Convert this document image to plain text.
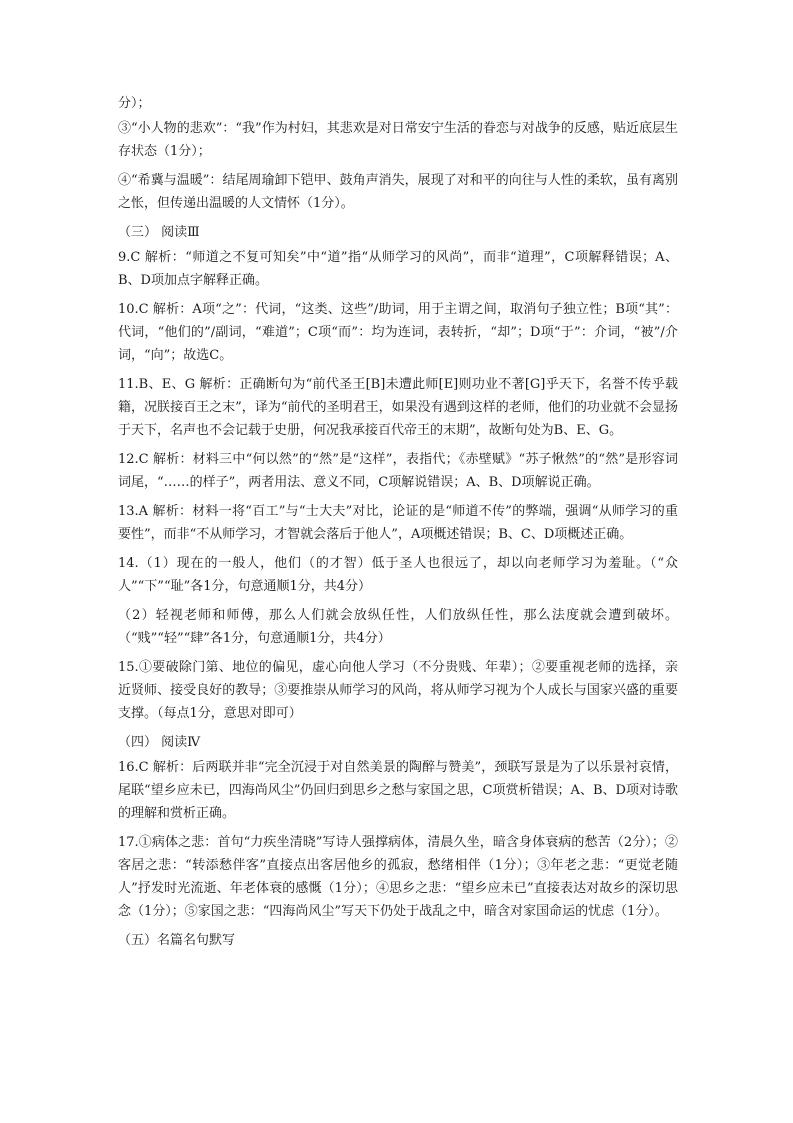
分）；

③“小人物的悲欢”：“我”作为村妇，其悲欢是对日常安宁生活的眷恋与对战争的反感，贴近底层生存状态（1分）；

④“希冀与温暖”：结尾周瑜卸下铠甲、鼓角声消失，展现了对和平的向往与人性的柔软，虽有离别之怅，但传递出温暖的人文情怀（1分）。

（三） 阅读Ⅲ

9.C 解析：“师道之不复可知矣”中“道”指“从师学习的风尚”，而非“道理”，C项解释错误；A、B、D项加点字解释正确。

10.C 解析：A项“之”：代词，“这类、这些”/助词，用于主谓之间，取消句子独立性；B项“其”：代词，“他们的”/副词，“难道”；C项“而”：均为连词，表转折，“却”；D项“于”：介词，“被”/介词，“向”；故选C。

11.B、E、G 解析：正确断句为“前代圣王[B]未遭此师[E]则功业不著[G]乎天下，名誉不传乎载籍，况朕接百王之末”，译为“前代的圣明君王，如果没有遇到这样的老师，他们的功业就不会显扬于天下，名声也不会记载于史册，何况我承接百代帝王的末期”，故断句处为B、E、G。

12.C 解析：材料三中“何以然”的“然”是“这样”，表指代；《赤壁赋》“苏子愀然”的“然”是形容词词尾，“……的样子”，两者用法、意义不同，C项解说错误；A、B、D项解说正确。

13.A 解析：材料一将“百工”与“士大夫”对比，论证的是“师道不传”的弊端，强调“从师学习的重要性”，而非“不从师学习，才智就会落后于他人”，A项概述错误；B、C、D项概述正确。

14.（1）现在的一般人，他们（的才智）低于圣人也很远了，却以向老师学习为羞耻。（“众人”“下”“耻”各1分，句意通顺1分，共4分）

（2）轻视老师和师傅，那么人们就会放纵任性，人们放纵任性，那么法度就会遭到破坏。（“贱”“轻”“肆”各1分，句意通顺1分，共4分）

15.①要破除门第、地位的偏见，虚心向他人学习（不分贵贱、年辈）；②要重视老师的选择，亲近贤师、接受良好的教导；③要推崇从师学习的风尚，将从师学习视为个人成长与国家兴盛的重要支撑。（每点1分，意思对即可）

（四） 阅读Ⅳ

16.C 解析：后两联并非“完全沉浸于对自然美景的陶醉与赞美”，颈联写景是为了以乐景衬哀情，尾联“望乡应未已，四海尚风尘”仍回归到思乡之愁与家国之思，C项赏析错误；A、B、D项对诗歌的理解和赏析正确。

17.①病体之悲：首句“力疾坐清晓”写诗人强撑病体，清晨久坐，暗含身体衰病的愁苦（2分）；②客居之悲：“转添愁伴客”直接点出客居他乡的孤寂，愁绪相伴（1分）；③年老之悲：“更觉老随人”抒发时光流逝、年老体衰的感慨（1分）；④思乡之悲：“望乡应未已”直接表达对故乡的深切思念（1分）；⑤家国之悲：“四海尚风尘”写天下仍处于战乱之中，暗含对家国命运的忧虑（1分）。

（五）名篇名句默写
